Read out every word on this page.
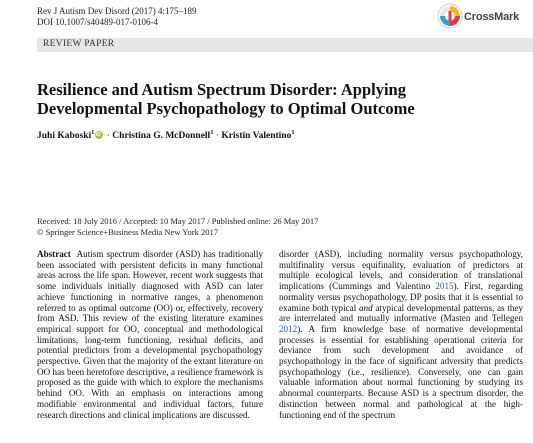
Rev J Autism Dev Disord (2017) 4:175–189
DOI 10.1007/s40489-017-0106-4	CrossMark
REVIEW PAPER
Resilience and Autism Spectrum Disorder: Applying
Developmental Psychopathology to Optimal Outcome
Juhi Kaboski$^1$iD · Christina G. McDonnell$^1$ · Kristin Valentino$^1$
Received: 18 July 2016 / Accepted: 10 May 2017 / Published online: 26 May 2017
© Springer Science+Business Media New York 2017

Abstract Autism spectrum disorder (ASD) has traditionally been associated with persistent deficits in many functional areas across the life span. However, recent work suggests that some individuals initially diagnosed with ASD can later achieve functioning in normative ranges, a phenomenon referred to as optimal outcome (OO) or, effectively, recovery from ASD. This review of the existing literature examines empirical support for OO, conceptual and methodological limitations, long-term functioning, residual deficits, and potential predictors from a developmental psychopathology perspective. Given that the majority of the extant literature on OO has been heretofore descriptive, a resilience framework is proposed as the guide with which to explore the mechanisms behind OO. With an emphasis on interactions among modifiable environmental and individual factors, future research directions and clinical implications are discussed.

disorder (ASD), including normality versus psychopathology, multifinality versus equifinality, evaluation of predictors at multiple ecological levels, and consideration of translational implications (Cummings and Valentino 2015). First, regarding normality versus psychopathology, DP posits that it is essential to examine both typical and atypical developmental patterns, as they are interrelated and mutually informative (Masten and Tellegen 2012). A firm knowledge base of normative developmental processes is essential for establishing operational criteria for deviance from such development and avoidance of psychopathology in the face of significant adversity that predicts psychopathology (i.e., resilience). Conversely, one can gain valuable information about normal functioning by studying its abnormal counterparts. Because ASD is a spectrum disorder, the distinction between normal and pathological at the high-functioning end of the spectrum
